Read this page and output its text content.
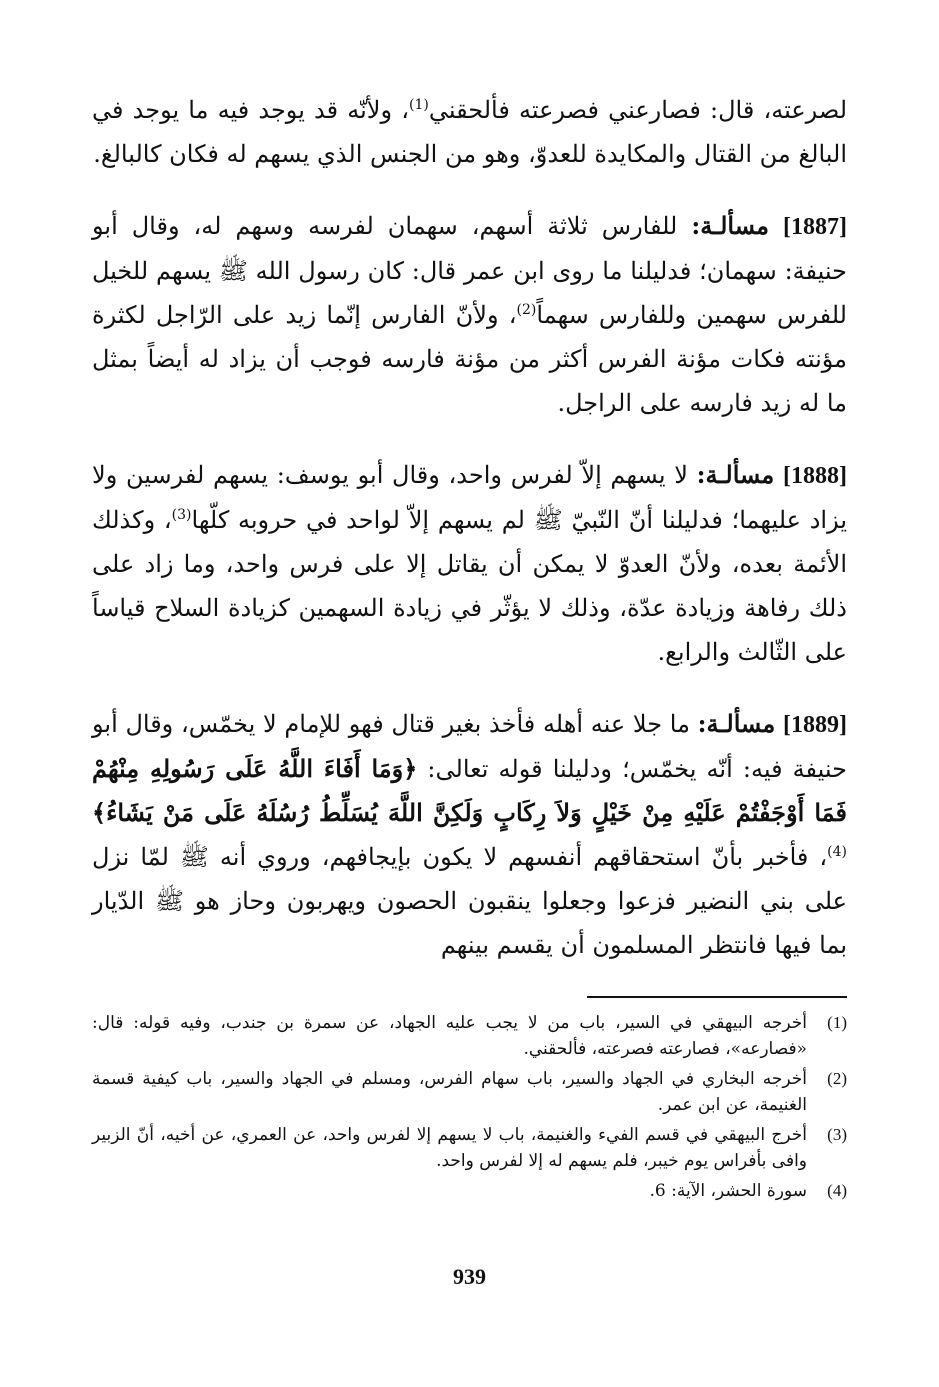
لصرعته، قال: فصارعني فصرعته فألحقني$^{(1)}$، ولأنّه قد يوجد فيه ما يوجد في البالغ من القتال والمكايدة للعدوّ، وهو من الجنس الذي يسهم له فكان كالبالغ.

[1887] مسألـة: للفارس ثلاثة أسهم، سهمان لفرسه وسهم له، وقال أبو حنيفة: سهمان؛ فدليلنا ما روى ابن عمر قال: كان رسول الله ﷺ يسهم للخيل للفرس سهمين وللفارس سهماً$^{(2)}$، ولأنّ الفارس إنّما زيد على الرّاجل لكثرة مؤنته فكات مؤنة الفرس أكثر من مؤنة فارسه فوجب أن يزاد له أيضاً بمثل ما له زيد فارسه على الراجل.

[1888] مسألـة: لا يسهم إلاّ لفرس واحد، وقال أبو يوسف: يسهم لفرسين ولا يزاد عليهما؛ فدليلنا أنّ النّبيّ ﷺ لم يسهم إلاّ لواحد في حروبه كلّها$^{(3)}$، وكذلك الأئمة بعده، ولأنّ العدوّ لا يمكن أن يقاتل إلا على فرس واحد، وما زاد على ذلك رفاهة وزيادة عدّة، وذلك لا يؤثّر في زيادة السهمين كزيادة السلاح قياساً على الثّالث والرابع.

[1889] مسألـة: ما جلا عنه أهله فأخذ بغير قتال فهو للإمام لا يخمّس، وقال أبو حنيفة فيه: أنّه يخمّس؛ ودليلنا قوله تعالى: ﴿وَمَا أَفَاءَ اللَّهُ عَلَى رَسُولِهِ مِنْهُمْ فَمَا أَوْجَفْتُمْ عَلَيْهِ مِنْ خَيْلٍ وَلاَ رِكَابٍ وَلَكِنَّ اللَّهَ يُسَلِّطُ رُسُلَهُ عَلَى مَنْ يَشَاءُ﴾$^{(4)}$، فأخبر بأنّ استحقاقهم أنفسهم لا يكون بإيجافهم، وروي أنه ﷺ لمّا نزل على بني النضير فزعوا وجعلوا ينقبون الحصون ويهربون وحاز هو ﷺ الدّيار بما فيها فانتظر المسلمون أن يقسم بينهم

(1)
أخرجه البيهقي في السير، باب من لا يجب عليه الجهاد، عن سمرة بن جندب، وفيه قوله: قال: «فصارعه»، فصارعته فصرعته، فألحقني.
(2)
أخرجه البخاري في الجهاد والسير، باب سهام الفرس، ومسلم في الجهاد والسير، باب كيفية قسمة الغنيمة، عن ابن عمر.
(3)
أخرج البيهقي في قسم الفيء والغنيمة، باب لا يسهم إلا لفرس واحد، عن العمري، عن أخيه، أنّ الزبير وافى بأفراس يوم خيبر، فلم يسهم له إلا لفرس واحد.
(4)
سورة الحشر، الآية: 6.
939
